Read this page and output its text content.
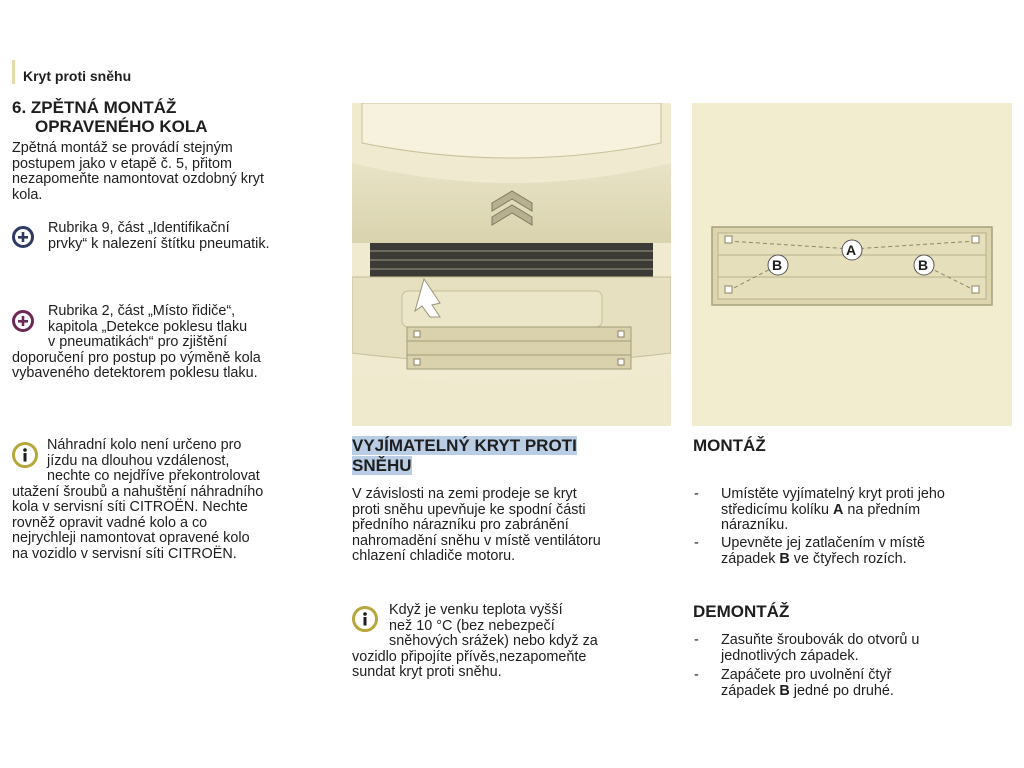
Kryt proti sněhu
6. ZPĚTNÁ MONTÁŽ
OPRAVENÉHO KOLA
Zpětná montáž se provádí stejným
postupem jako v etapě č. 5, přitom
nezapomeňte namontovat ozdobný kryt
kola.
Rubrika 9, část „Identifikační
prvky“ k nalezení štítku pneumatik.
Rubrika 2, část „Místo řidiče“,
kapitola „Detekce poklesu tlaku
v pneumatikách“ pro zjištění
doporučení pro postup po výměně kola
vybaveného detektorem poklesu tlaku.
Náhradní kolo není určeno pro
jízdu na dlouhou vzdálenost,
nechte co nejdříve překontrolovat
utažení šroubů a nahuštění náhradního
kola v servisní síti CITROËN. Nechte
rovněž opravit vadné kolo a co
nejrychleji namontovat opravené kolo
na vozidlo v servisní síti CITROËN.
VYJÍMATELNÝ KRYT PROTI
SNĚHU
V závislosti na zemi prodeje se kryt
proti sněhu upevňuje ke spodní části
předního nárazníku pro zabránění
nahromadění sněhu v místě ventilátoru
chlazení chladiče motoru.
Když je venku teplota vyšší
než 10 °C (bez nebezpečí
sněhových srážek) nebo když za
vozidlo připojíte přívěs,nezapomeňte
sundat kryt proti sněhu.
A
B	B
MONTÁŽ
- Umístěte vyjímatelný kryt proti jeho
středicímu kolíku A na předním
nárazníku.
- Upevněte jej zatlačením v místě
západek B ve čtyřech rozích.
DEMONTÁŽ
- Zasuňte šroubovák do otvorů u
jednotlivých západek.
- Zapáčete pro uvolnění čtyř
západek B jedné po druhé.
